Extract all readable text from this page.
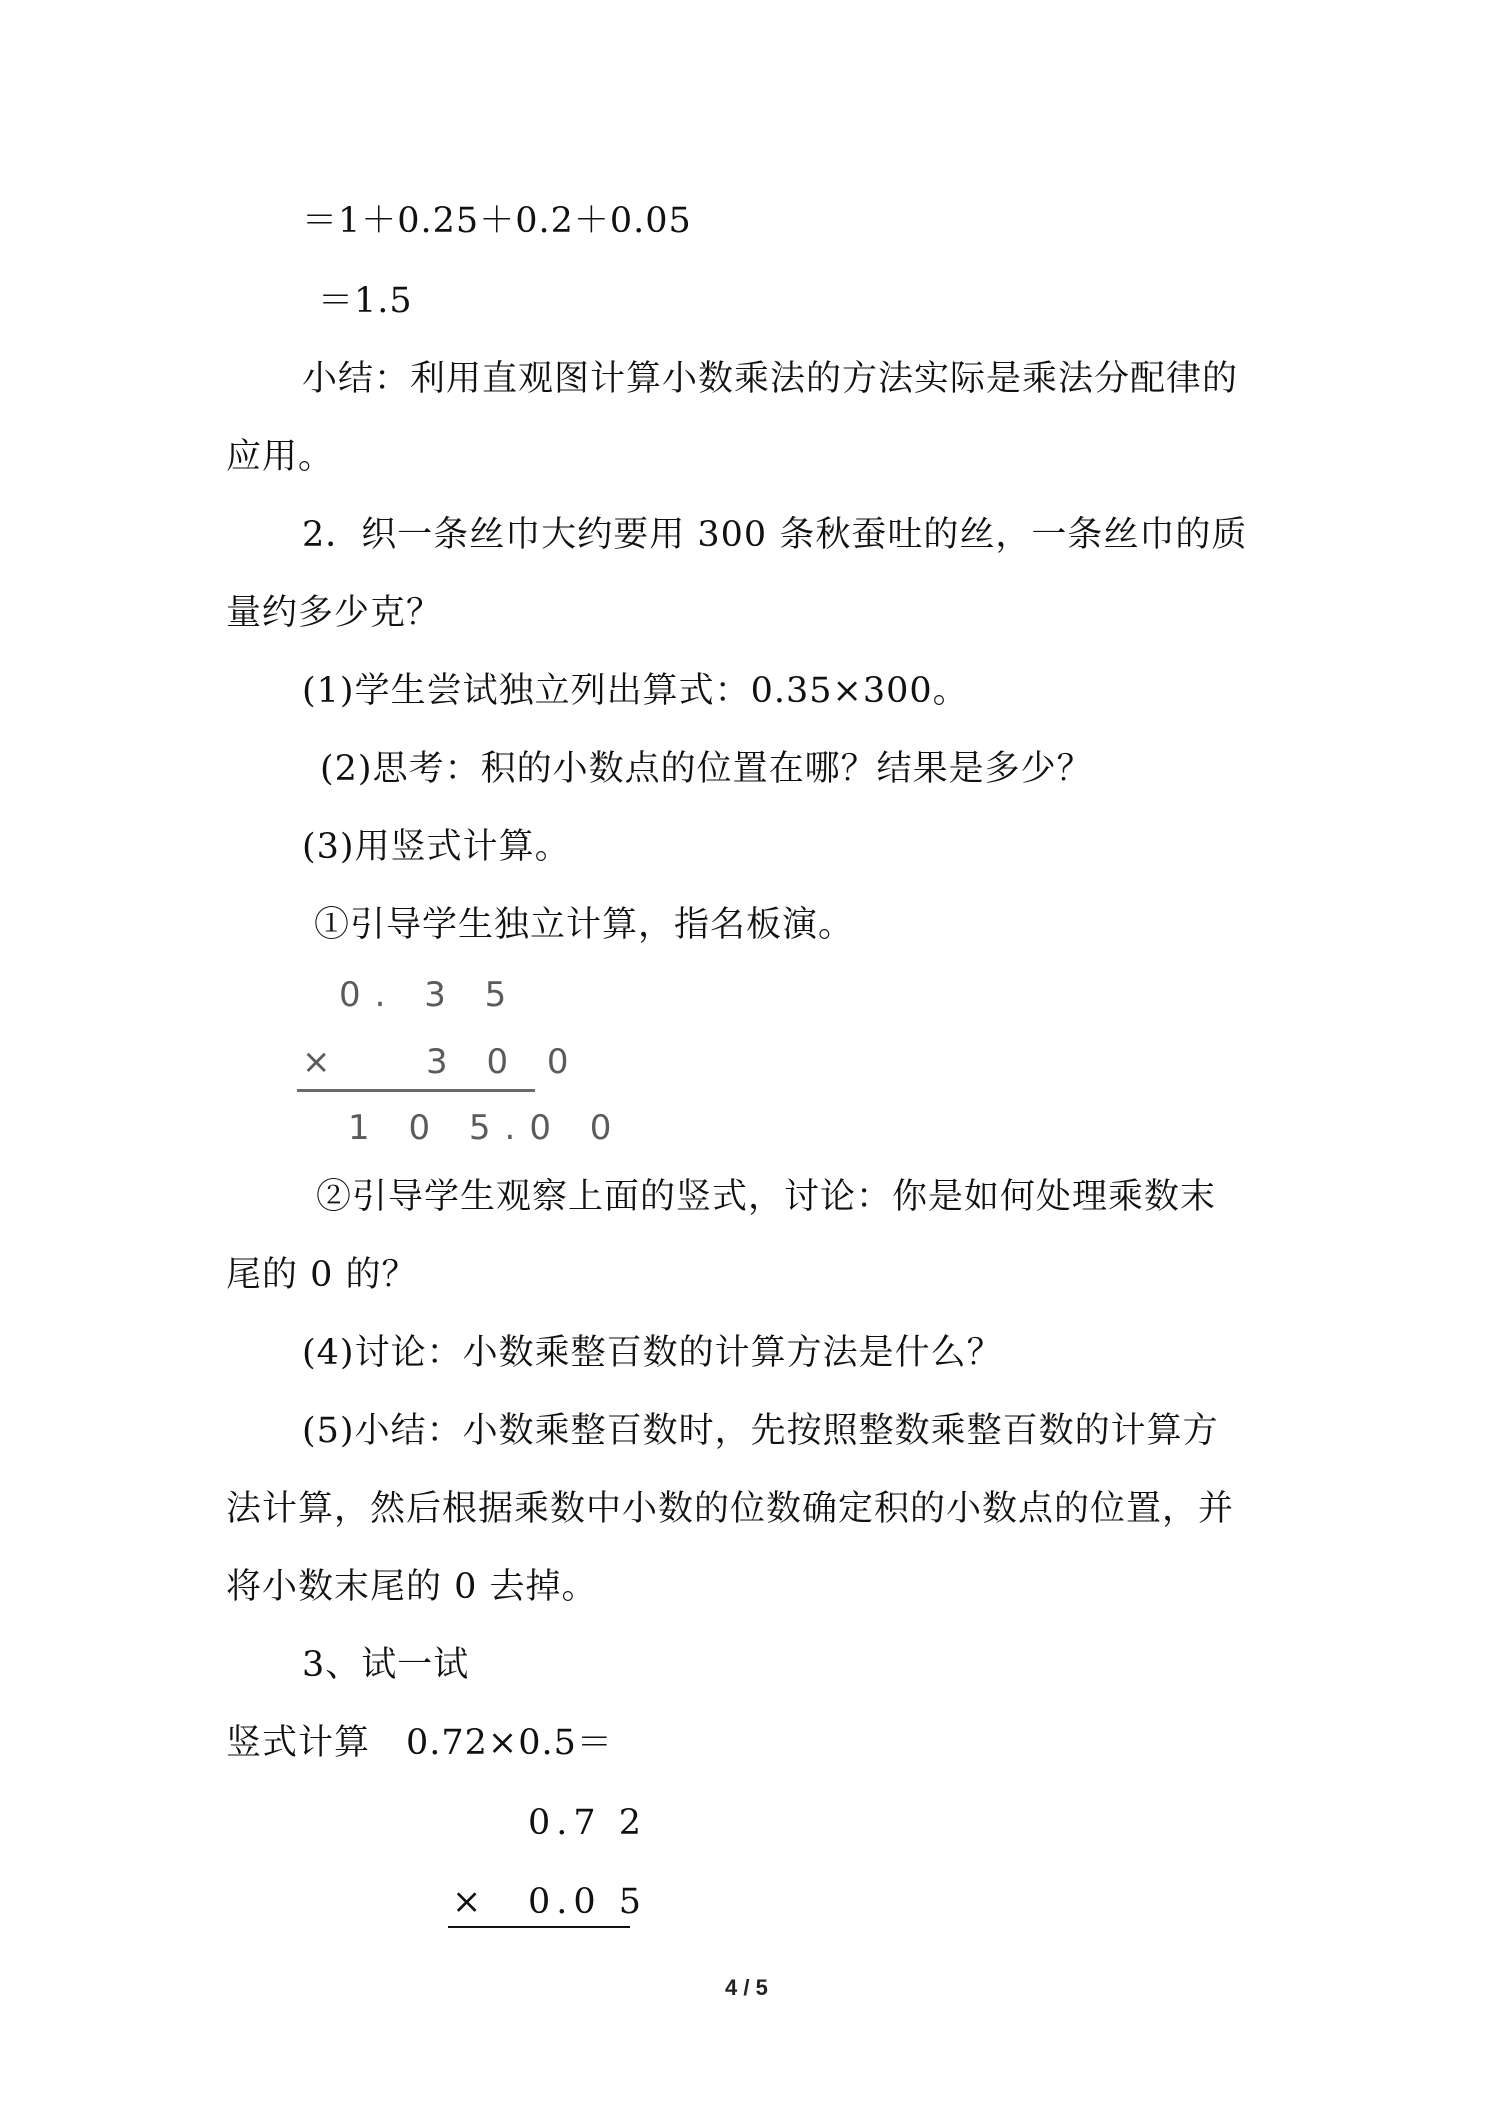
＝1＋0.25＋0.2＋0.05
＝1.5
小结：利用直观图计算小数乘法的方法实际是乘法分配律的
应用。
2．织一条丝巾大约要用 300 条秋蚕吐的丝，一条丝巾的质
量约多少克？
(1)学生尝试独立列出算式：0.35×300。
(2)思考：积的小数点的位置在哪？结果是多少？
(3)用竖式计算。
①引导学生独立计算，指名板演。
0. 3 5
× 3 0 0
1 0 5.0 0
②引导学生观察上面的竖式，讨论：你是如何处理乘数末
尾的 0 的？
(4)讨论：小数乘整百数的计算方法是什么？
(5)小结：小数乘整百数时，先按照整数乘整百数的计算方
法计算，然后根据乘数中小数的位数确定积的小数点的位置，并
将小数末尾的 0 去掉。
3、试一试
竖式计算　0.72×0.5＝
0.7 2
× 0.0 5
4 / 5
